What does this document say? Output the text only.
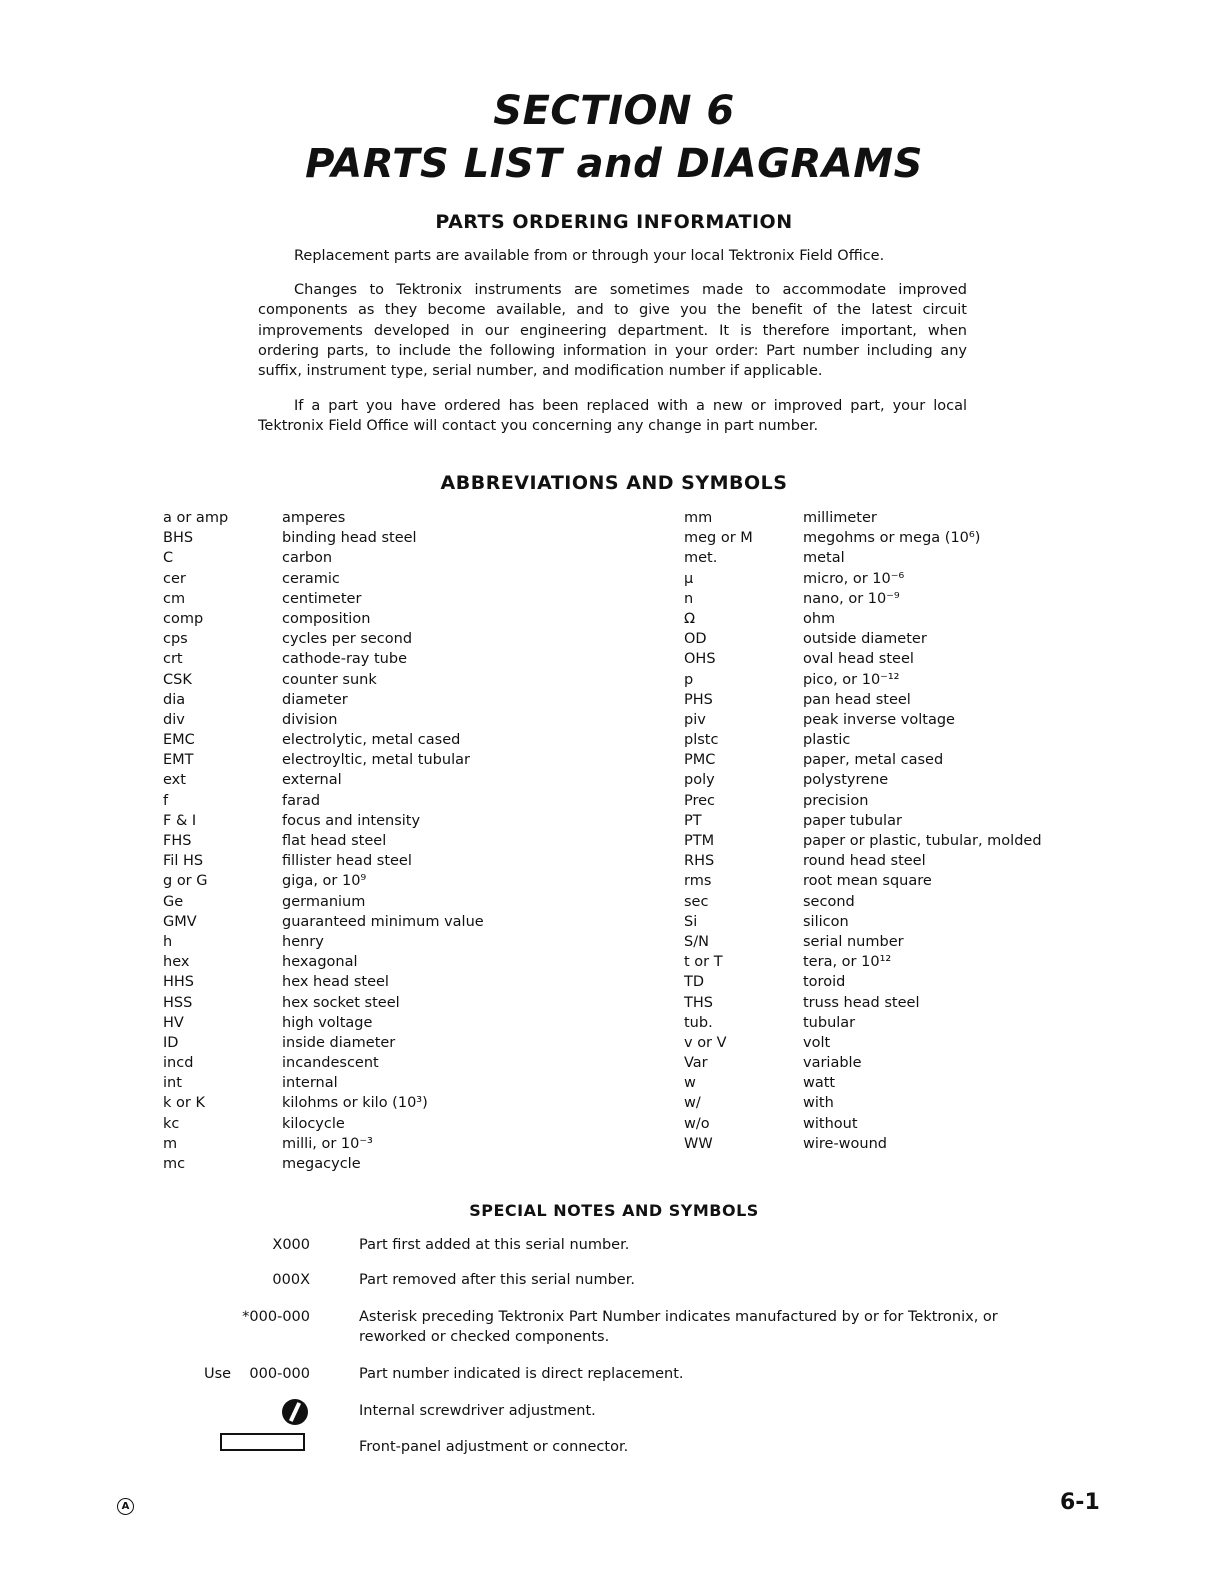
SECTION 6
PARTS LIST and DIAGRAMS
PARTS ORDERING INFORMATION

Replacement parts are available from or through your local Tektronix Field Office.

Changes to Tektronix instruments are sometimes made to accommodate improved components as they become available, and to give you the benefit of the latest circuit improvements developed in our engineering department. It is therefore important, when ordering parts, to include the following information in your order: Part number including any suffix, instrument type, serial number, and modification number if applicable.

If a part you have ordered has been replaced with a new or improved part, your local Tektronix Field Office will contact you concerning any change in part number.

ABBREVIATIONS AND SYMBOLS
a or amp	amperes
BHS	binding head steel
C	carbon
cer	ceramic
cm	centimeter
comp	composition
cps	cycles per second
crt	cathode-ray tube
CSK	counter sunk
dia	diameter
div	division
EMC	electrolytic, metal cased
EMT	electroyltic, metal tubular
ext	external
f	farad
F & I	focus and intensity
FHS	flat head steel
Fil HS	fillister head steel
g or G	giga, or 10⁹
Ge	germanium
GMV	guaranteed minimum value
h	henry
hex	hexagonal
HHS	hex head steel
HSS	hex socket steel
HV	high voltage
ID	inside diameter
incd	incandescent
int	internal
k or K	kilohms or kilo (10³)
kc	kilocycle
m	milli, or 10⁻³
mc	megacycle
mm	millimeter
meg or M	megohms or mega (10⁶)
met.	metal
µ	micro, or 10⁻⁶
n	nano, or 10⁻⁹
Ω	ohm
OD	outside diameter
OHS	oval head steel
p	pico, or 10⁻¹²
PHS	pan head steel
piv	peak inverse voltage
plstc	plastic
PMC	paper, metal cased
poly	polystyrene
Prec	precision
PT	paper tubular
PTM	paper or plastic, tubular, molded
RHS	round head steel
rms	root mean square
sec	second
Si	silicon
S/N	serial number
t or T	tera, or 10¹²
TD	toroid
THS	truss head steel
tub.	tubular
v or V	volt
Var	variable
w	watt
w/	with
w/o	without
WW	wire-wound
SPECIAL NOTES AND SYMBOLS
X000	Part first added at this serial number.
000X	Part removed after this serial number.
*000-000	Asterisk preceding Tektronix Part Number indicates manufactured by or for Tektronix, or reworked or checked components.
Use 000-000	Part number indicated is direct replacement.
Internal screwdriver adjustment.
Front-panel adjustment or connector.
A	6-1
